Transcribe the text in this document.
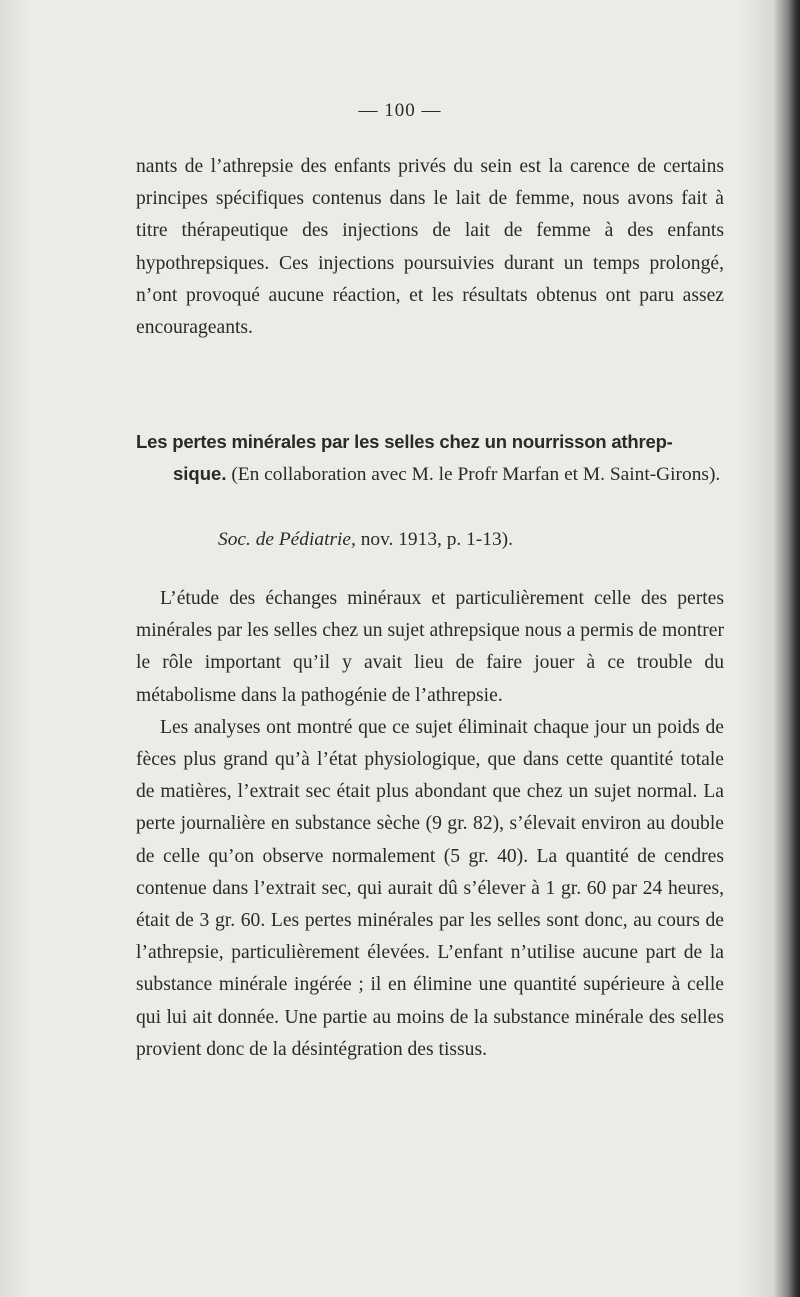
— 100 —

nants de l’athrepsie des enfants privés du sein est la carence de certains principes spécifiques contenus dans le lait de femme, nous avons fait à titre thérapeutique des injections de lait de femme à des enfants hypothrepsiques. Ces injections poursuivies durant un temps prolongé, n’ont provoqué aucune réaction, et les résultats obtenus ont paru assez encourageants.

Les pertes minérales par les selles chez un nourrisson athrep-
sique. (En collaboration avec M. le Profr Marfan et M. Saint-Girons).
Soc. de Pédiatrie, nov. 1913, p. 1-13).

L’étude des échanges minéraux et particulièrement celle des pertes minérales par les selles chez un sujet athrepsique nous a permis de montrer le rôle important qu’il y avait lieu de faire jouer à ce trouble du métabolisme dans la pathogénie de l’athrepsie.

Les analyses ont montré que ce sujet éliminait chaque jour un poids de fèces plus grand qu’à l’état physiologique, que dans cette quantité totale de matières, l’extrait sec était plus abondant que chez un sujet normal. La perte journalière en substance sèche (9 gr. 82), s’élevait environ au double de celle qu’on observe normalement (5 gr. 40). La quantité de cendres contenue dans l’extrait sec, qui aurait dû s’élever à 1 gr. 60 par 24 heures, était de 3 gr. 60. Les pertes minérales par les selles sont donc, au cours de l’athrepsie, particulièrement élevées. L’enfant n’utilise aucune part de la substance minérale ingérée ; il en élimine une quantité supérieure à celle qui lui ait donnée. Une partie au moins de la substance minérale des selles provient donc de la désintégration des tissus.
